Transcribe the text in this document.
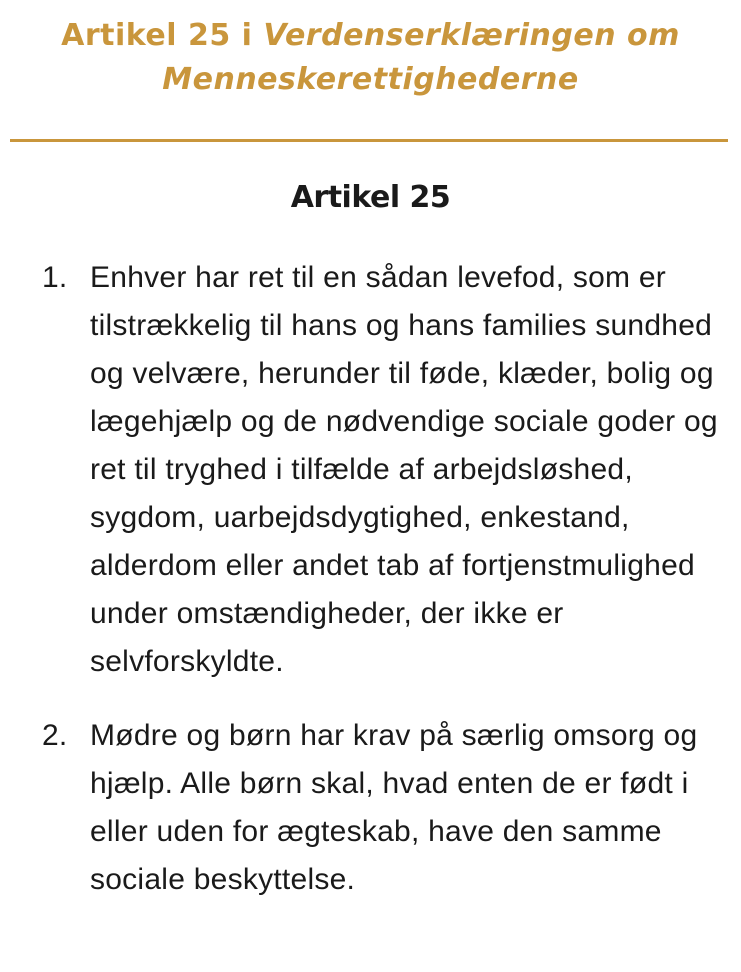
Artikel 25 i Verdenserklæringen om Menneskerettighederne
Artikel 25
1. Enhver har ret til en sådan levefod, som er tilstrækkelig til hans og hans families sundhed og velvære, herunder til føde, klæder, bolig og lægehjælp og de nødvendige sociale goder og ret til tryghed i tilfælde af arbejdsløshed, sygdom, uarbejdsdygtighed, enkestand, alderdom eller andet tab af fortjenstmulighed under omstændigheder, der ikke er selvforskyldte.
2. Mødre og børn har krav på særlig omsorg og hjælp. Alle børn skal, hvad enten de er født i eller uden for ægteskab, have den samme sociale beskyttelse.
